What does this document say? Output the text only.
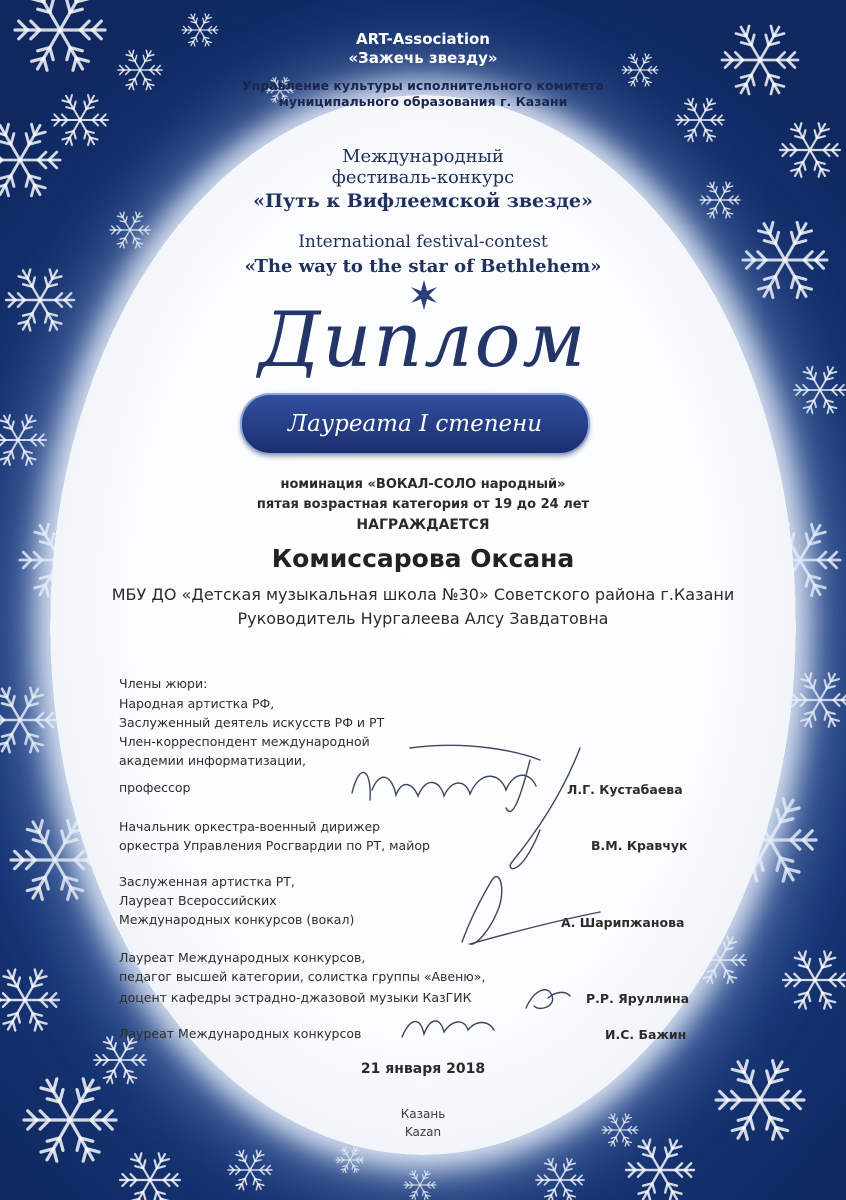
ART-Association
«Зажечь звезду»
Управление культуры исполнительного комитета
муниципального образования г. Казани
Международный
фестиваль-конкурс
«Путь к Вифлеемской звезде»
International festival-contest
«The way to the star of Bethlehem»
Диплом
Лауреата I степени
номинация «ВОКАЛ-СОЛО народный»
пятая возрастная категория от 19 до 24 лет
НАГРАЖДАЕТСЯ
Комиссарова Оксана
МБУ ДО «Детская музыкальная школа №30» Советского района г.Казани
Руководитель Нургалеева Алсу Завдатовна
Члены жюри:
Народная артистка РФ,
Заслуженный деятель искусств РФ и РТ
Член-корреспондент международной
академии информатизации,
профессор	Л.Г. Кустабаева
Начальник оркестра-военный дирижер
оркестра Управления Росгвардии по РТ, майор	В.М. Кравчук
Заслуженная артистка РТ,
Лауреат Всероссийских
Международных конкурсов (вокал)	А. Шарипжанова
Лауреат Международных конкурсов,
педагог высшей категории, солистка группы «Авеню»,
доцент кафедры эстрадно-джазовой музыки КазГИК	Р.Р. Яруллина
Лауреат Международных конкурсов	И.С. Бажин
21 января 2018
Казань
Kazan
